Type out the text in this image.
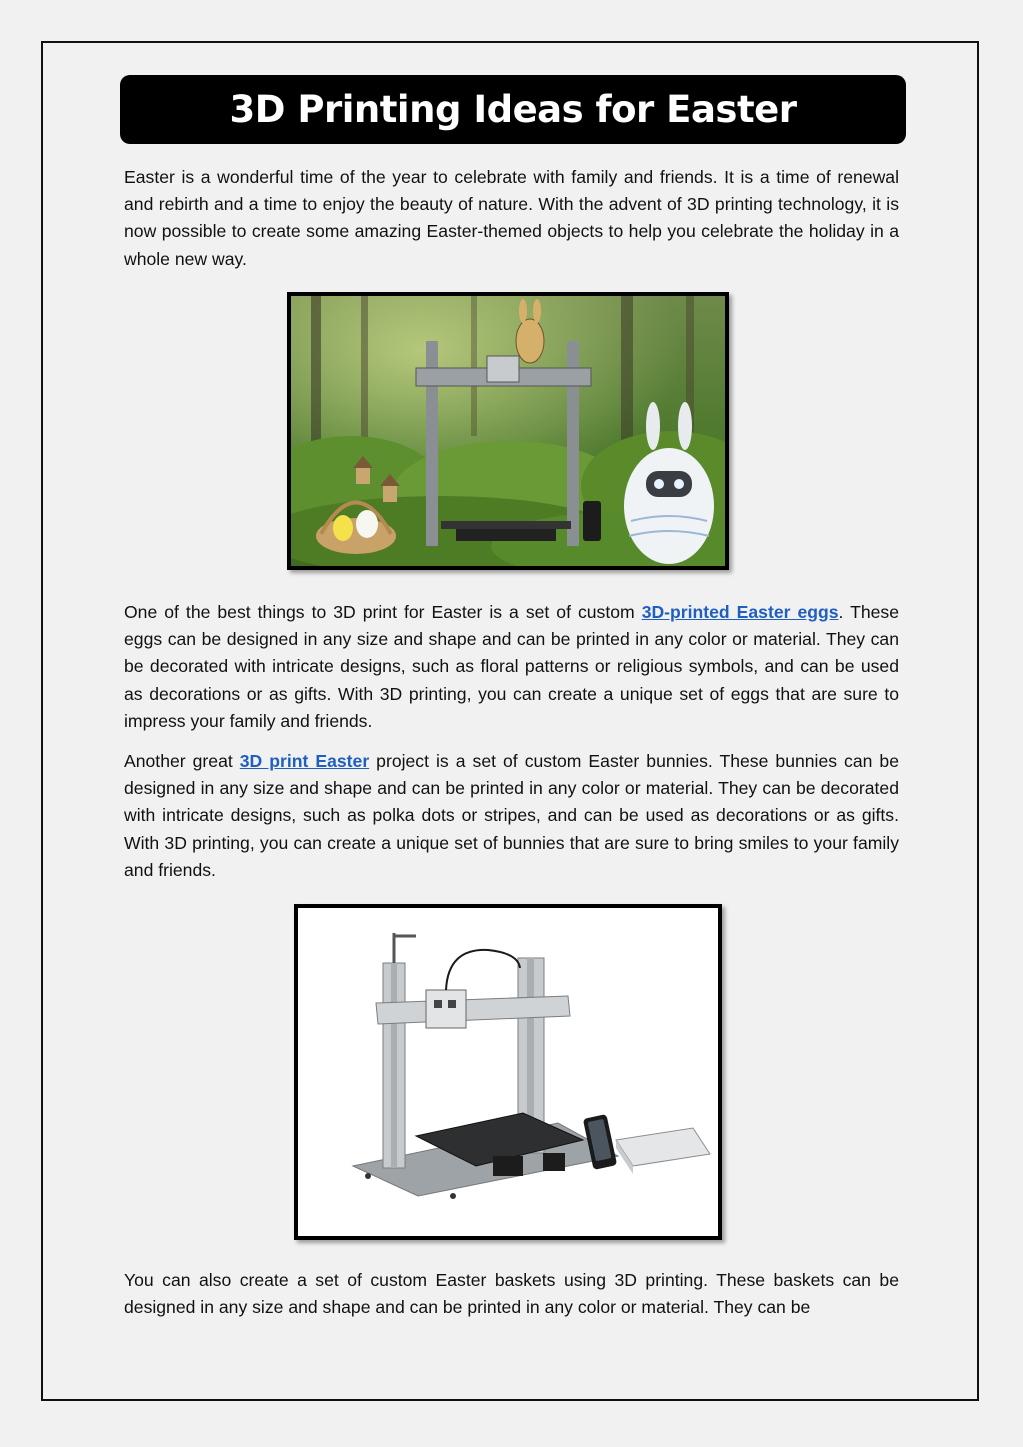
3D Printing Ideas for Easter

Easter is a wonderful time of the year to celebrate with family and friends. It is a time of renewal and rebirth and a time to enjoy the beauty of nature. With the advent of 3D printing technology, it is now possible to create some amazing Easter-themed objects to help you celebrate the holiday in a whole new way.

One of the best things to 3D print for Easter is a set of custom 3D-printed Easter eggs. These eggs can be designed in any size and shape and can be printed in any color or material. They can be decorated with intricate designs, such as floral patterns or religious symbols, and can be used as decorations or as gifts. With 3D printing, you can create a unique set of eggs that are sure to impress your family and friends.

Another great 3D print Easter project is a set of custom Easter bunnies. These bunnies can be designed in any size and shape and can be printed in any color or material. They can be decorated with intricate designs, such as polka dots or stripes, and can be used as decorations or as gifts. With 3D printing, you can create a unique set of bunnies that are sure to bring smiles to your family and friends.

You can also create a set of custom Easter baskets using 3D printing. These baskets can be designed in any size and shape and can be printed in any color or material. They can be
